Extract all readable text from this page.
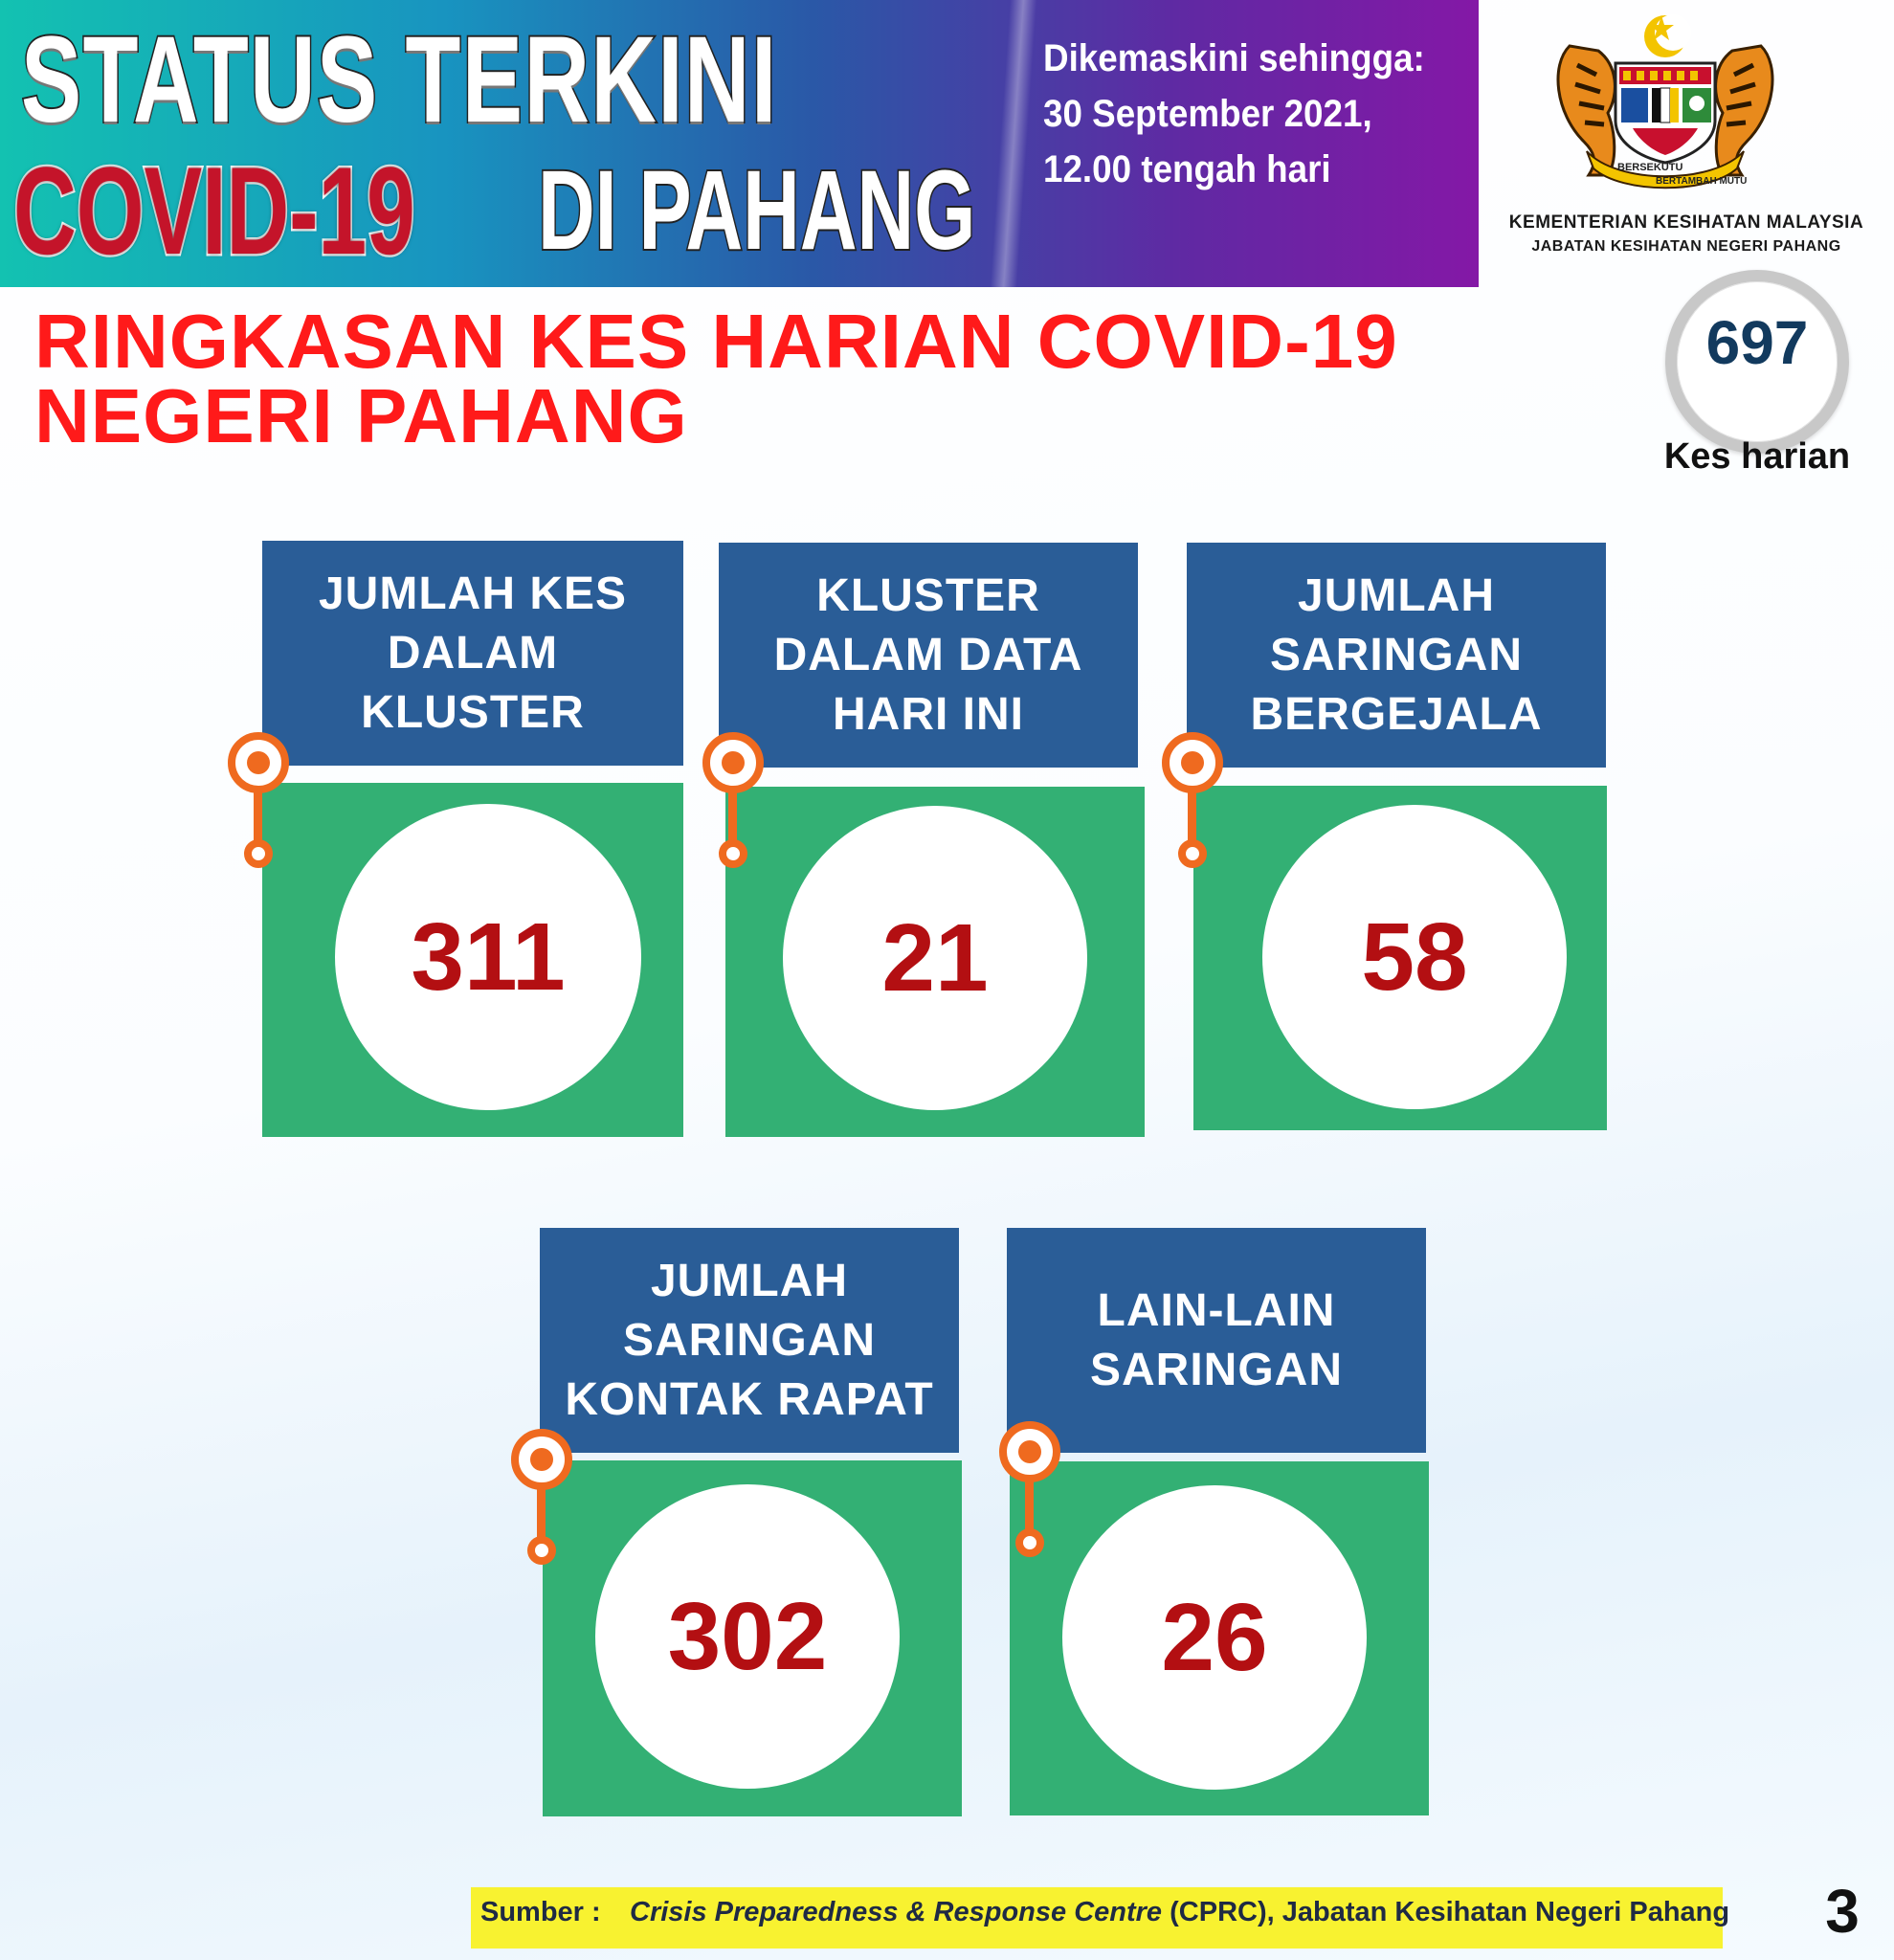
STATUS TERKINI
COVID-19 DI PAHANG
Dikemaskini sehingga:
30 September 2021,
12.00 tengah hari	BERSEKUTU
BERTAMBAH MUTU
KEMENTERIAN KESIHATAN MALAYSIA
JABATAN KESIHATAN NEGERI PAHANG
RINGKASAN KES HARIAN COVID-19
NEGERI PAHANG
697
Kes harian
JUMLAH KES
DALAM
KLUSTER
311
KLUSTER
DALAM DATA
HARI INI
21
JUMLAH
SARINGAN
BERGEJALA
58
JUMLAH
SARINGAN
KONTAK RAPAT
302
LAIN-LAIN
SARINGAN
26
Sumber : Crisis Preparedness & Response Centre (CPRC), Jabatan Kesihatan Negeri Pahang 3
